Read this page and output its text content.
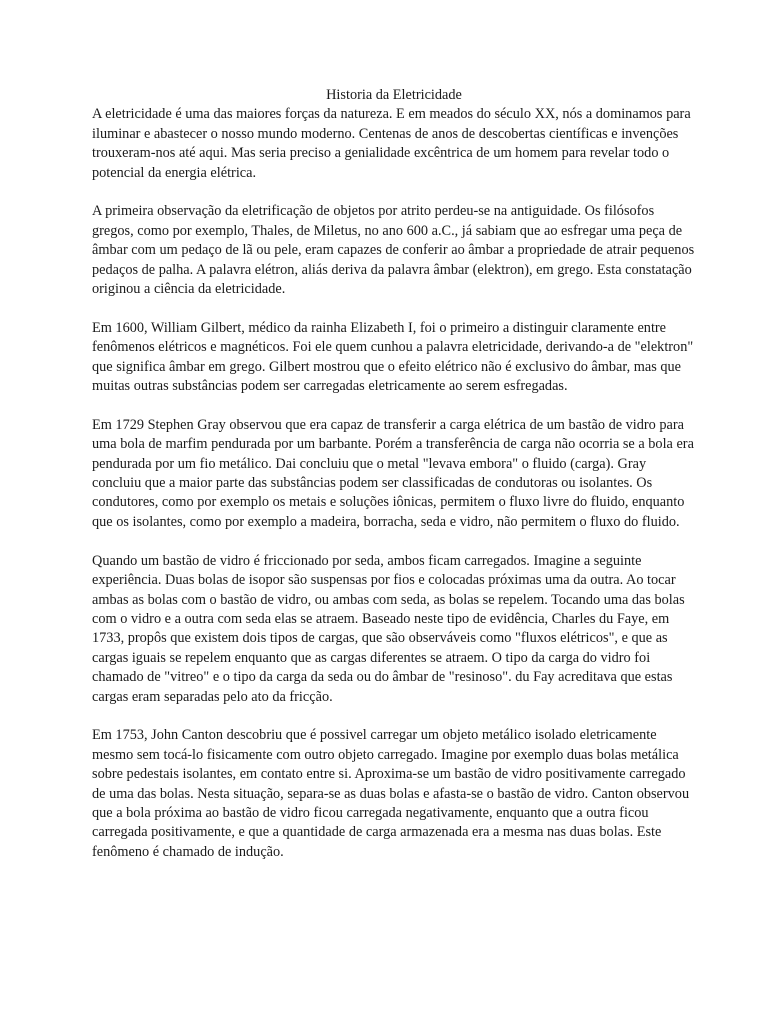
Historia da Eletricidade

A eletricidade é uma das maiores forças da natureza. E em meados do século XX, nós a dominamos para iluminar e abastecer o nosso mundo moderno. Centenas de anos de descobertas científicas e invenções trouxeram-nos até aqui. Mas seria preciso a genialidade excêntrica de um homem para revelar todo o potencial da energia elétrica.

A primeira observação da eletrificação de objetos por atrito perdeu-se na antiguidade. Os filósofos gregos, como por exemplo, Thales, de Miletus, no ano 600 a.C., já sabiam que ao esfregar uma peça de âmbar com um pedaço de lã ou pele, eram capazes de conferir ao âmbar a propriedade de atrair pequenos pedaços de palha. A palavra elétron, aliás deriva da palavra âmbar (elektron), em grego. Esta constatação originou a ciência da eletricidade.

Em 1600, William Gilbert, médico da rainha Elizabeth I, foi o primeiro a distinguir claramente entre fenômenos elétricos e magnéticos. Foi ele quem cunhou a palavra eletricidade, derivando-a de "elektron" que significa âmbar em grego. Gilbert mostrou que o efeito elétrico não é exclusivo do âmbar, mas que muitas outras substâncias podem ser carregadas eletricamente ao serem esfregadas.

Em 1729 Stephen Gray observou que era capaz de transferir a carga elétrica de um bastão de vidro para uma bola de marfim pendurada por um barbante. Porém a transferência de carga não ocorria se a bola era pendurada por um fio metálico. Dai concluiu que o metal "levava embora" o fluido (carga). Gray concluiu que a maior parte das substâncias podem ser classificadas de condutoras ou isolantes. Os condutores, como por exemplo os metais e soluções iônicas, permitem o fluxo livre do fluido, enquanto que os isolantes, como por exemplo a madeira, borracha, seda e vidro, não permitem o fluxo do fluido.

Quando um bastão de vidro é friccionado por seda, ambos ficam carregados. Imagine a seguinte experiência. Duas bolas de isopor são suspensas por fios e colocadas próximas uma da outra. Ao tocar ambas as bolas com o bastão de vidro, ou ambas com seda, as bolas se repelem. Tocando uma das bolas com o vidro e a outra com seda elas se atraem. Baseado neste tipo de evidência, Charles du Faye, em 1733, propôs que existem dois tipos de cargas, que são observáveis como "fluxos elétricos", e que as cargas iguais se repelem enquanto que as cargas diferentes se atraem. O tipo da carga do vidro foi chamado de "vitreo" e o tipo da carga da seda ou do âmbar de "resinoso". du Fay acreditava que estas cargas eram separadas pelo ato da fricção.

Em 1753, John Canton descobriu que é possivel carregar um objeto metálico isolado eletricamente mesmo sem tocá-lo fisicamente com outro objeto carregado. Imagine por exemplo duas bolas metálica sobre pedestais isolantes, em contato entre si. Aproxima-se um bastão de vidro positivamente carregado de uma das bolas. Nesta situação, separa-se as duas bolas e afasta-se o bastão de vidro. Canton observou que a bola próxima ao bastão de vidro ficou carregada negativamente, enquanto que a outra ficou carregada positivamente, e que a quantidade de carga armazenada era a mesma nas duas bolas. Este fenômeno é chamado de indução.
